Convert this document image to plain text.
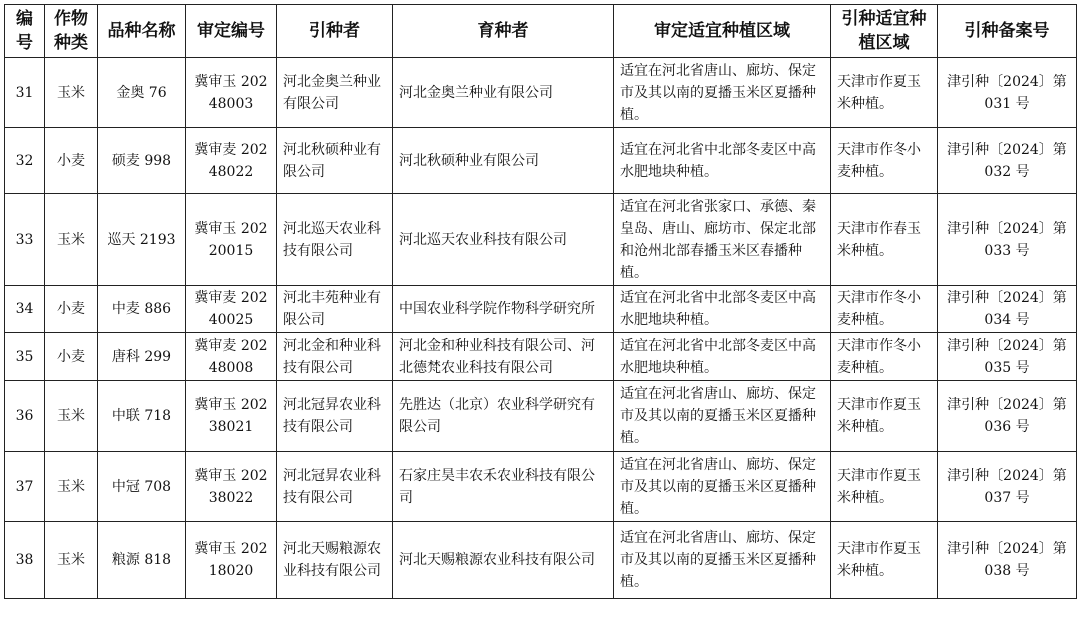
编号	作物种类	品种名称	审定编号	引种者	育种者	审定适宜种植区域	引种适宜种植区域	引种备案号
31	玉米	金奥 76	冀审玉 20248003	河北金奥兰种业有限公司	河北金奥兰种业有限公司	适宜在河北省唐山、廊坊、保定市及其以南的夏播玉米区夏播种植。	天津市作夏玉米种植。	津引种〔2024〕第 031 号
32	小麦	硕麦 998	冀审麦 20248022	河北秋硕种业有限公司	河北秋硕种业有限公司	适宜在河北省中北部冬麦区中高水肥地块种植。	天津市作冬小麦种植。	津引种〔2024〕第 032 号
33	玉米	巡天 2193	冀审玉 20220015	河北巡天农业科技有限公司	河北巡天农业科技有限公司	适宜在河北省张家口、承德、秦皇岛、唐山、廊坊市、保定北部和沧州北部春播玉米区春播种植。	天津市作春玉米种植。	津引种〔2024〕第 033 号
34	小麦	中麦 886	冀审麦 20240025	河北丰苑种业有限公司	中国农业科学院作物科学研究所	适宜在河北省中北部冬麦区中高水肥地块种植。	天津市作冬小麦种植。	津引种〔2024〕第 034 号
35	小麦	唐科 299	冀审麦 20248008	河北金和种业科技有限公司	河北金和种业科技有限公司、河北德梵农业科技有限公司	适宜在河北省中北部冬麦区中高水肥地块种植。	天津市作冬小麦种植。	津引种〔2024〕第 035 号
36	玉米	中联 718	冀审玉 20238021	河北冠昇农业科技有限公司	先胜达（北京）农业科学研究有限公司	适宜在河北省唐山、廊坊、保定市及其以南的夏播玉米区夏播种植。	天津市作夏玉米种植。	津引种〔2024〕第 036 号
37	玉米	中冠 708	冀审玉 20238022	河北冠昇农业科技有限公司	石家庄昊丰农禾农业科技有限公司	适宜在河北省唐山、廊坊、保定市及其以南的夏播玉米区夏播种植。	天津市作夏玉米种植。	津引种〔2024〕第 037 号
38	玉米	粮源 818	冀审玉 20218020	河北天赐粮源农业科技有限公司	河北天赐粮源农业科技有限公司	适宜在河北省唐山、廊坊、保定市及其以南的夏播玉米区夏播种植。	天津市作夏玉米种植。	津引种〔2024〕第 038 号
